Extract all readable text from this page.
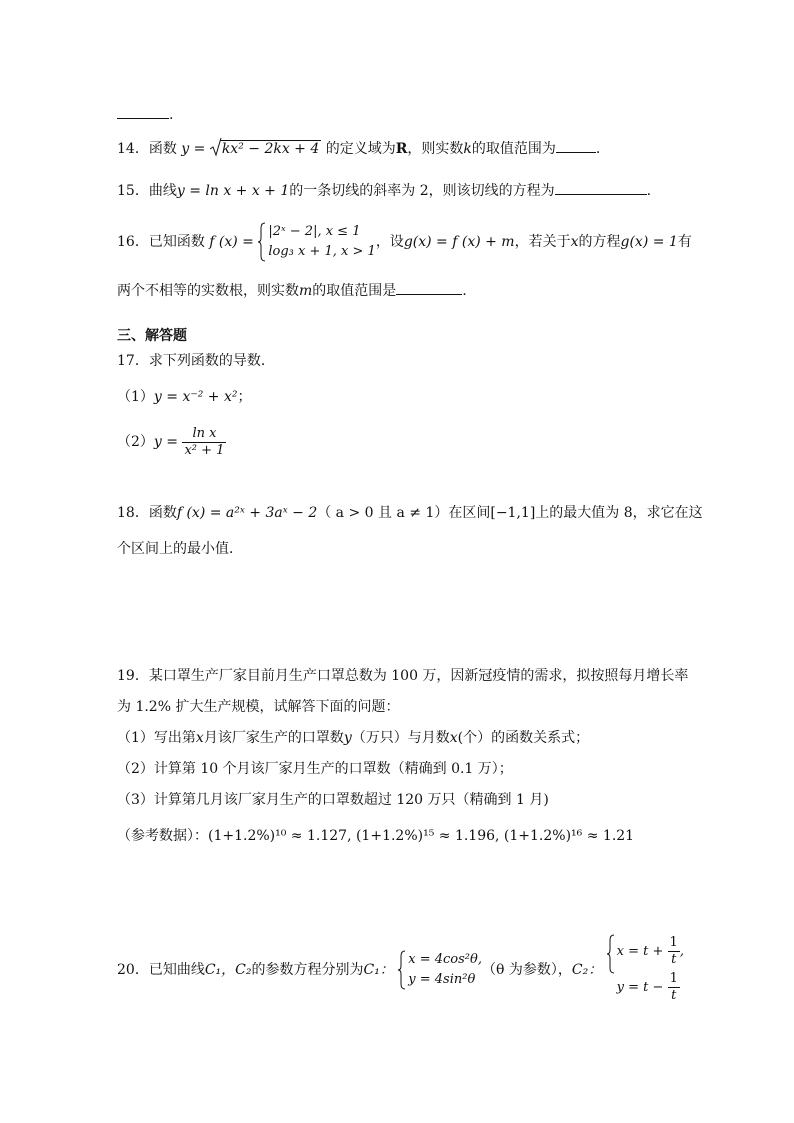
.
14．函数 y = kx² − 2kx + 4 的定义域为R，则实数k的取值范围为	.
15．曲线y = ln x + x + 1的一条切线的斜率为 2，则该切线的方程为	.
16．已知函数 f (x) =
|2ˣ − 2|, x ≤ 1
log₃ x + 1, x > 1
，设g(x) = f (x) + m，若关于x的方程g(x) = 1有
两个不相等的实数根，则实数m的取值范围是	.
三、解答题
17．求下列函数的导数．
（1）y = x⁻² + x²；
$(2)y = \frac{\text{ln x}}{\text{x² + 1}}$
18．函数f (x) = a²ˣ + 3aˣ − 2（ a > 0 且 a ≠ 1）在区间[−1,1]上的最大值为 8，求它在这
个区间上的最小值．
19．某口罩生产厂家目前月生产口罩总数为 100 万，因新冠疫情的需求，拟按照每月增长率
为 1.2% 扩大生产规模，试解答下面的问题：
（1）写出第x月该厂家生产的口罩数y（万只）与月数x(个）的函数关系式；
（2）计算第 10 个月该厂家月生产的口罩数（精确到 0.1 万）；
（3）计算第几月该厂家月生产的口罩数超过 120 万只（精确到 1 月)
（参考数据）：(1+1.2%)¹⁰ ≈ 1.127, (1+1.2%)¹⁵ ≈ 1.196, (1+1.2%)¹⁶ ≈ 1.21
20．已知曲线C₁，C₂的参数方程分别为C₁：
x = 4cos²θ,
y = 4sin²θ
（θ 为参数），C₂：
$x = t + \frac{1}{t}$ ,
$y = t - \frac{1}{t}$
